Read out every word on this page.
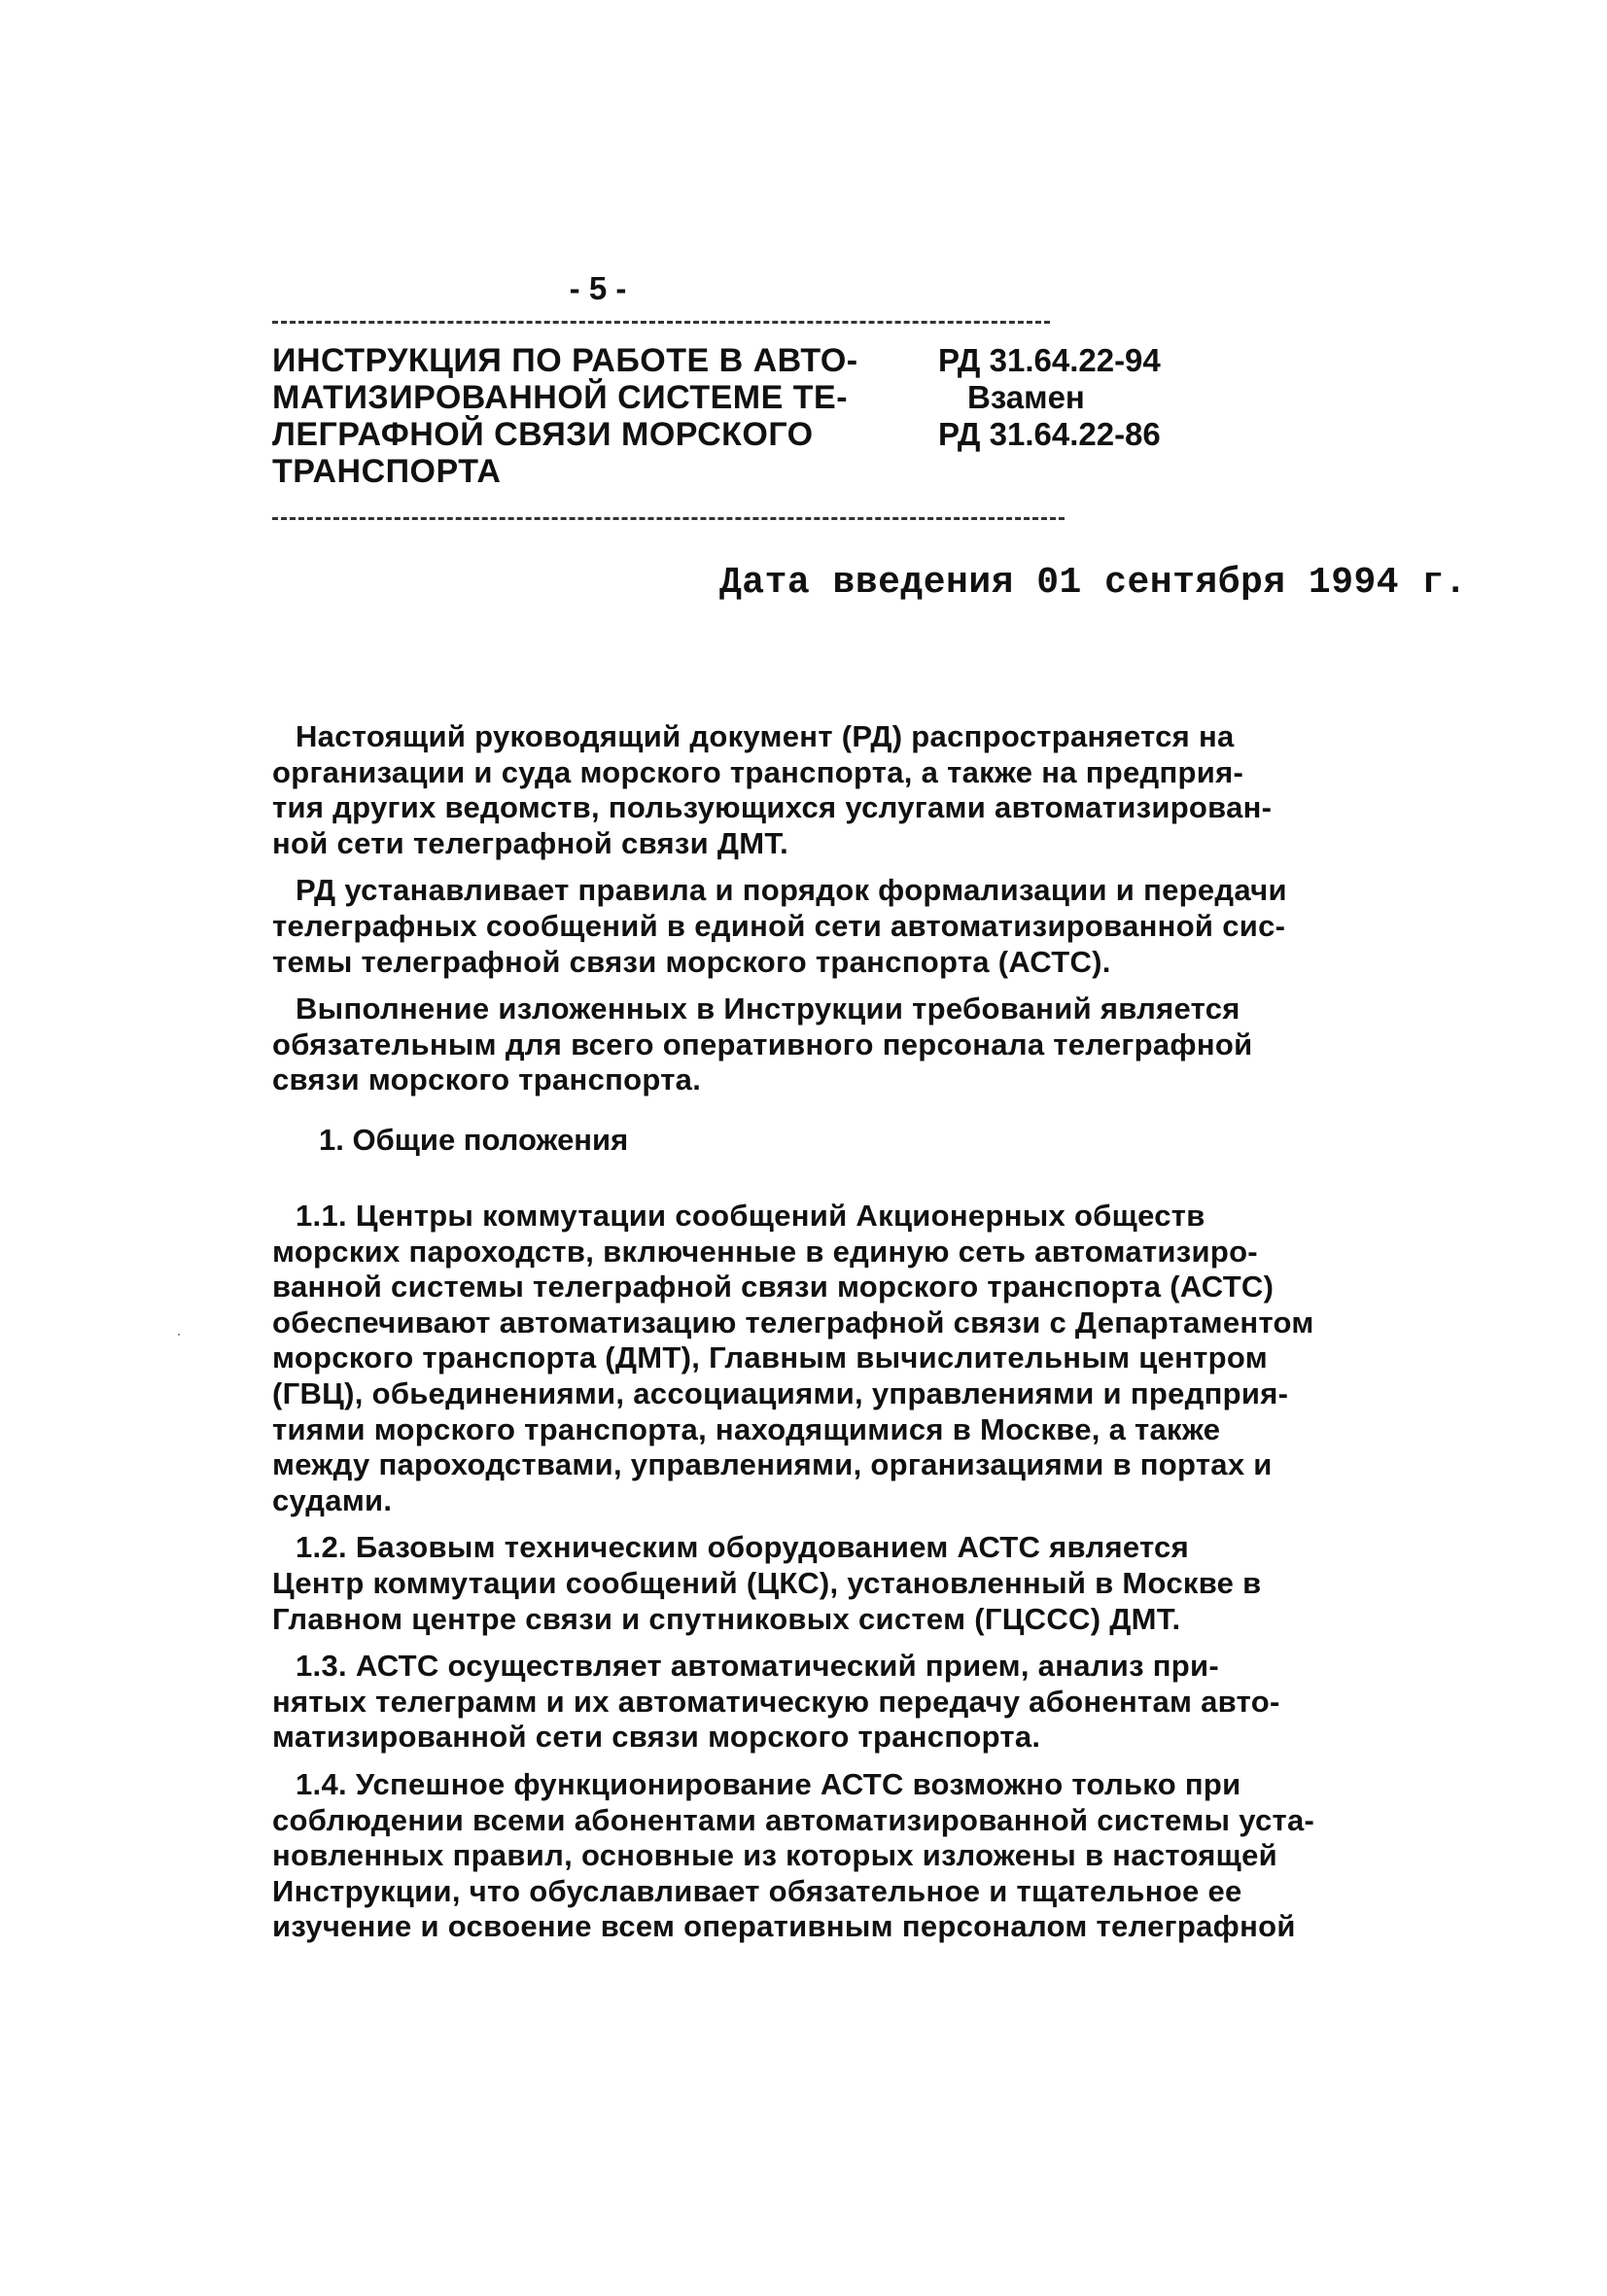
- 5 -
ИНСТРУКЦИЯ ПО РАБОТЕ В АВТО-
МАТИЗИРОВАННОЙ СИСТЕМЕ ТЕ-
ЛЕГРАФНОЙ СВЯЗИ МОРСКОГО
ТРАНСПОРТА
РД 31.64.22-94
Взамен
РД 31.64.22-86
Дата введения 01 сентября 1994 г.
Настоящий руководящий документ (РД) распространяется на
организации и суда морского транспорта, а также на предприя-
тия других ведомств, пользующихся услугами автоматизирован-
ной сети телеграфной связи ДМТ.
РД устанавливает правила и порядок формализации и передачи
телеграфных сообщений в единой сети автоматизированной сис-
темы телеграфной связи морского транспорта (АСТС).
Выполнение изложенных в Инструкции требований является
обязательным для всего оперативного персонала телеграфной
связи морского транспорта.
1. Общие положения
1.1. Центры коммутации сообщений Акционерных обществ
морских пароходств, включенные в единую сеть автоматизиро-
ванной системы телеграфной связи морского транспорта (АСТС)
обеспечивают автоматизацию телеграфной связи с Департаментом
морского транспорта (ДМТ), Главным вычислительным центром
(ГВЦ), обьединениями, ассоциациями, управлениями и предприя-
тиями морского транспорта, находящимися в Москве, а также
между пароходствами, управлениями, организациями в портах и
судами.
1.2. Базовым техническим оборудованием АСТС является
Центр коммутации сообщений (ЦКС), установленный в Москве в
Главном центре связи и спутниковых систем (ГЦССС) ДМТ.
1.3. АСТС осуществляет автоматический прием, анализ при-
нятых телеграмм и их автоматическую передачу абонентам авто-
матизированной сети связи морского транспорта.
1.4. Успешное функционирование АСТС возможно только при
соблюдении всеми абонентами автоматизированной системы уста-
новленных правил, основные из которых изложены в настоящей
Инструкции, что обуславливает обязательное и тщательное ее
изучение и освоение всем оперативным персоналом телеграфной
